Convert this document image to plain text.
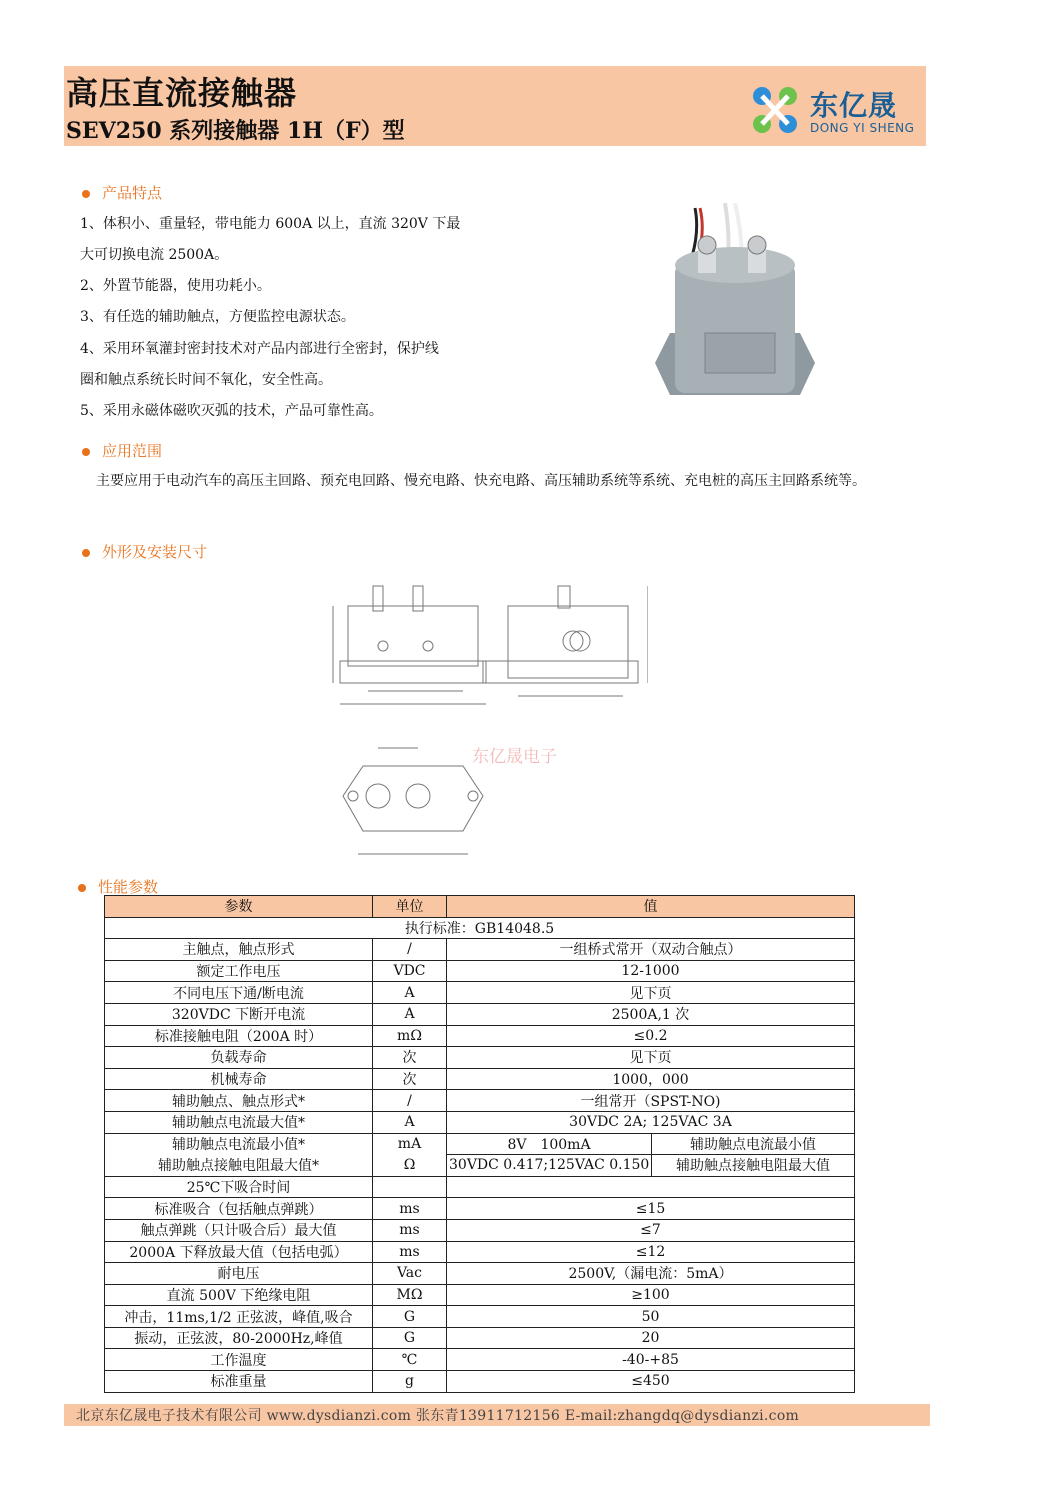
高压直流接触器
SEV250 系列接触器 1H（F）型
东亿晟
DONG YI SHENG
产品特点
1、体积小、重量轻，带电能力 600A 以上，直流 320V 下最
大可切换电流 2500A。
2、外置节能器，使用功耗小。
3、有任选的辅助触点，方便监控电源状态。
4、采用环氧灌封密封技术对产品内部进行全密封，保护线
圈和触点系统长时间不氧化，安全性高。
5、采用永磁体磁吹灭弧的技术，产品可靠性高。
应用范围
主要应用于电动汽车的高压主回路、预充电回路、慢充电路、快充电路、高压辅助系统等系统、充电桩的高压主回路系统等。
外形及安装尺寸
东亿晟电子
性能参数
参数	单位	值	
执行标准：GB14048.5			
主触点，触点形式	/	一组桥式常开（双动合触点）	
额定工作电压	VDC	12-1000	
不同电压下通/断电流	A	见下页	
320VDC 下断开电流	A	2500A,1 次	
标准接触电阻（200A 时）	mΩ	≤0.2	
负载寿命	次	见下页	
机械寿命	次	1000，000	
辅助触点、触点形式*	/	一组常开（SPST-NO)	
辅助触点电流最大值*	A	30VDC 2A; 125VAC 3A	
辅助触点电流最小值*	mA	8V　100mA	辅助触点电流最小值
辅助触点接触电阻最大值*	Ω	30VDC 0.417;125VAC 0.150	辅助触点接触电阻最大值
25℃下吸合时间			
标准吸合（包括触点弹跳）	ms	≤15	
触点弹跳（只计吸合后）最大值	ms	≤7	
2000A 下释放最大值（包括电弧）	ms	≤12	
耐电压	Vac	2500V,（漏电流：5mA）	
直流 500V 下绝缘电阻	MΩ	≥100	
冲击，11ms,1/2 正弦波，峰值,吸合	G	50	
振动，正弦波，80-2000Hz,峰值	G	20	
工作温度	℃	-40-+85	
标准重量	g	≤450	
北京东亿晟电子技术有限公司 www.dysdianzi.com 张东青13911712156 E-mail:zhangdq@dysdianzi.com
